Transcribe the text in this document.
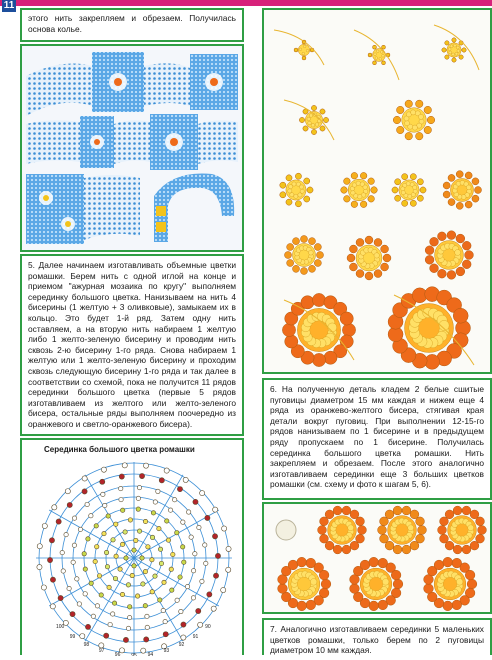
11
этого нить закрепляем и обрезаем. Получилась основа колье.
5. Далее начинаем изготавливать объемные цветки ромашки. Берем нить с одной иглой на конце и приемом "ажурная мозаика по кругу" выполняем серединку большого цветка. Нанизываем на нить 4 бисерины (1 желтую + 3 оливковые), замыкаем их в кольцо. Это будет 1-й ряд. Затем одну нить оставляем, а на вторую нить набираем 1 желтую либо 1 желто-зеленую бисерину и проводим нить сквозь 2-ю бисерину 1-го ряда. Снова набираем 1 желтую или 1 желто-зеленую бисерину и проходим сквозь следующую бисерину 1-го ряда и так далее в соответствии со схемой, пока не получится 11 рядов серединки большого цветка (первые 5 рядов изготавливаем из желтого или желто-зеленого бисера, остальные ряды выполняем поочередно из оранжевого и светло-оранжевого бисера).
Серединка большого цветка ромашки
90
91
92
93
94
95
96
97
98
99
100
6. На полученную деталь кладем 2 белые сшитые пуговицы диаметром 15 мм каждая и нижем еще 4 ряда из оранжево-желтого бисера, стягивая края детали вокруг пуговиц. При выполнении 12-15-го рядов нанизываем по 1 бисерине и в предыдущем ряду пропускаем по 1 бисерине. Получилась серединка большого цветка ромашки. Нить закрепляем и обрезаем. После этого аналогично изготавливаем серединки еще 3 больших цветков ромашки (см. схему и фото к шагам 5, 6).
7. Аналогично изготавливаем серединки 5 маленьких цветков ромашки, только берем по 2 пуговицы диаметром 10 мм каждая.
